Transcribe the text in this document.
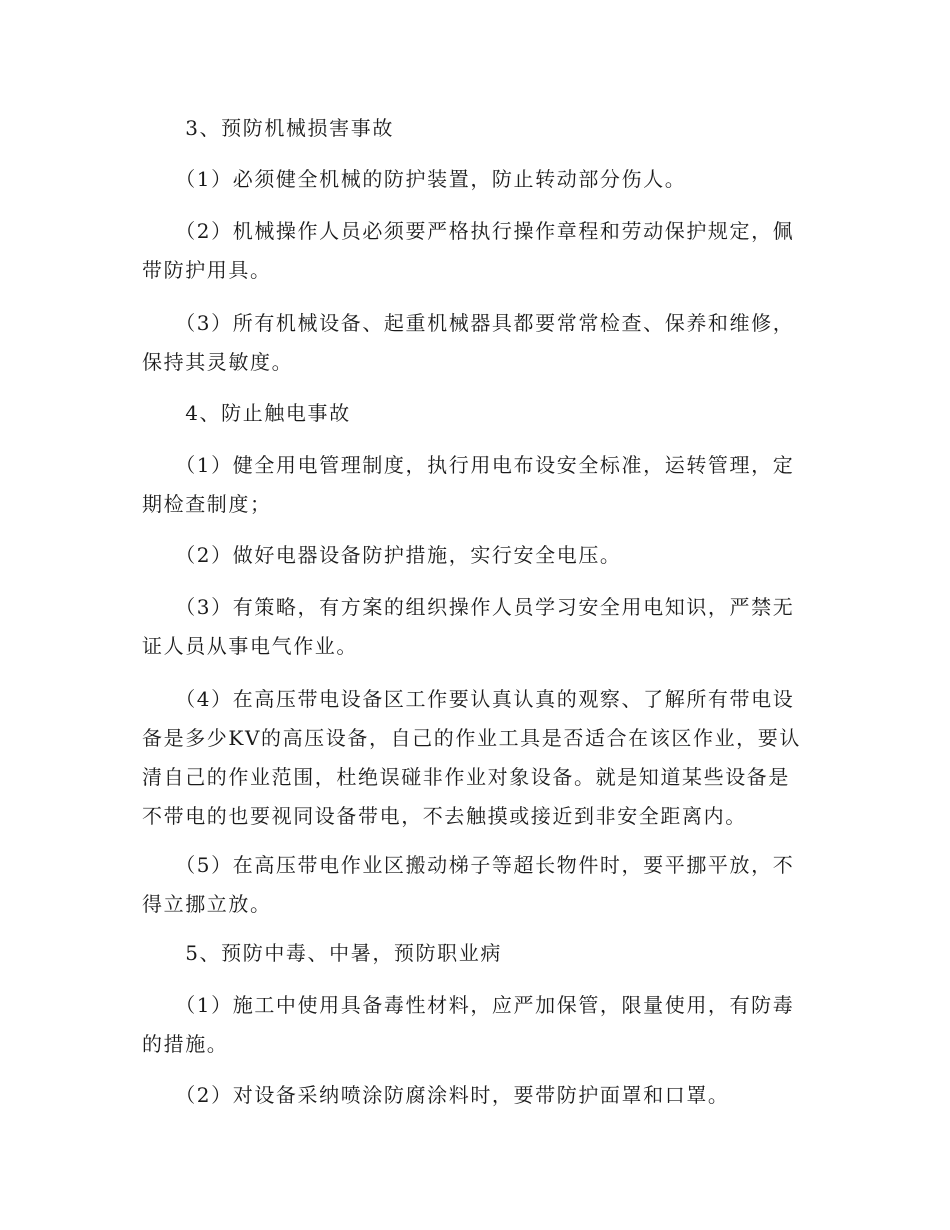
　　3、预防机械损害事故
　　（1）必须健全机械的防护装置，防止转动部分伤人。
　　（2）机械操作人员必须要严格执行操作章程和劳动保护规定，佩带防护用具。
　　（3）所有机械设备、起重机械器具都要常常检查、保养和维修，保持其灵敏度。
　　4、防止触电事故
　　（1）健全用电管理制度，执行用电布设安全标准，运转管理，定期检查制度；
　　（2）做好电器设备防护措施，实行安全电压。
　　（3）有策略，有方案的组织操作人员学习安全用电知识，严禁无证人员从事电气作业。
　　（4）在高压带电设备区工作要认真认真的观察、了解所有带电设备是多少KV的高压设备，自己的作业工具是否适合在该区作业，要认清自己的作业范围，杜绝误碰非作业对象设备。就是知道某些设备是不带电的也要视同设备带电，不去触摸或接近到非安全距离内。
　　（5）在高压带电作业区搬动梯子等超长物件时，要平挪平放，不得立挪立放。
　　5、预防中毒、中暑，预防职业病
　　（1）施工中使用具备毒性材料，应严加保管，限量使用，有防毒的措施。
　　（2）对设备采纳喷涂防腐涂料时，要带防护面罩和口罩。
